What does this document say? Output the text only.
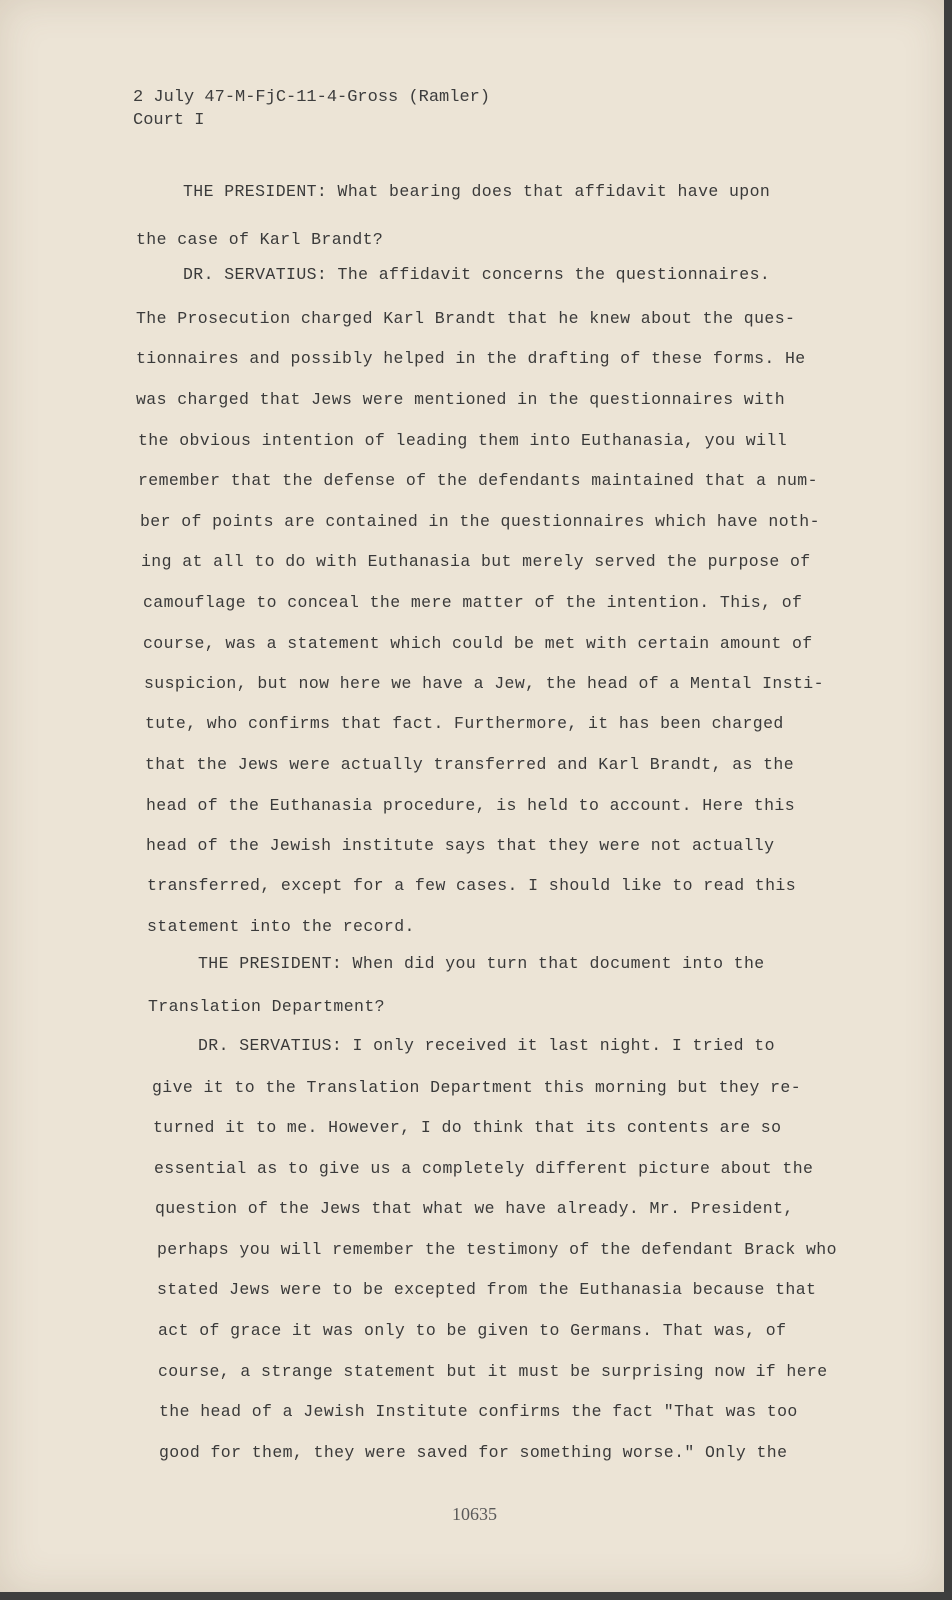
2 July 47-M-FjC-11-4-Gross (Ramler)
Court I
THE PRESIDENT: What bearing does that affidavit have upon
the case of Karl Brandt?
DR. SERVATIUS: The affidavit concerns the questionnaires.
The Prosecution charged Karl Brandt that he knew about the ques-
tionnaires and possibly helped in the drafting of these forms. He
was charged that Jews were mentioned in the questionnaires with
the obvious intention of leading them into Euthanasia, you will
remember that the defense of the defendants maintained that a num-
ber of points are contained in the questionnaires which have noth-
ing at all to do with Euthanasia but merely served the purpose of
camouflage to conceal the mere matter of the intention. This, of
course, was a statement which could be met with certain amount of
suspicion, but now here we have a Jew, the head of a Mental Insti-
tute, who confirms that fact. Furthermore, it has been charged
that the Jews were actually transferred and Karl Brandt, as the
head of the Euthanasia procedure, is held to account. Here this
head of the Jewish institute says that they were not actually
transferred, except for a few cases. I should like to read this
statement into the record.
THE PRESIDENT: When did you turn that document into the
Translation Department?
DR. SERVATIUS: I only received it last night. I tried to
give it to the Translation Department this morning but they re-
turned it to me. However, I do think that its contents are so
essential as to give us a completely different picture about the
question of the Jews that what we have already. Mr. President,
perhaps you will remember the testimony of the defendant Brack who
stated Jews were to be excepted from the Euthanasia because that
act of grace it was only to be given to Germans. That was, of
course, a strange statement but it must be surprising now if here
the head of a Jewish Institute confirms the fact "That was too
good for them, they were saved for something worse." Only the
10635
